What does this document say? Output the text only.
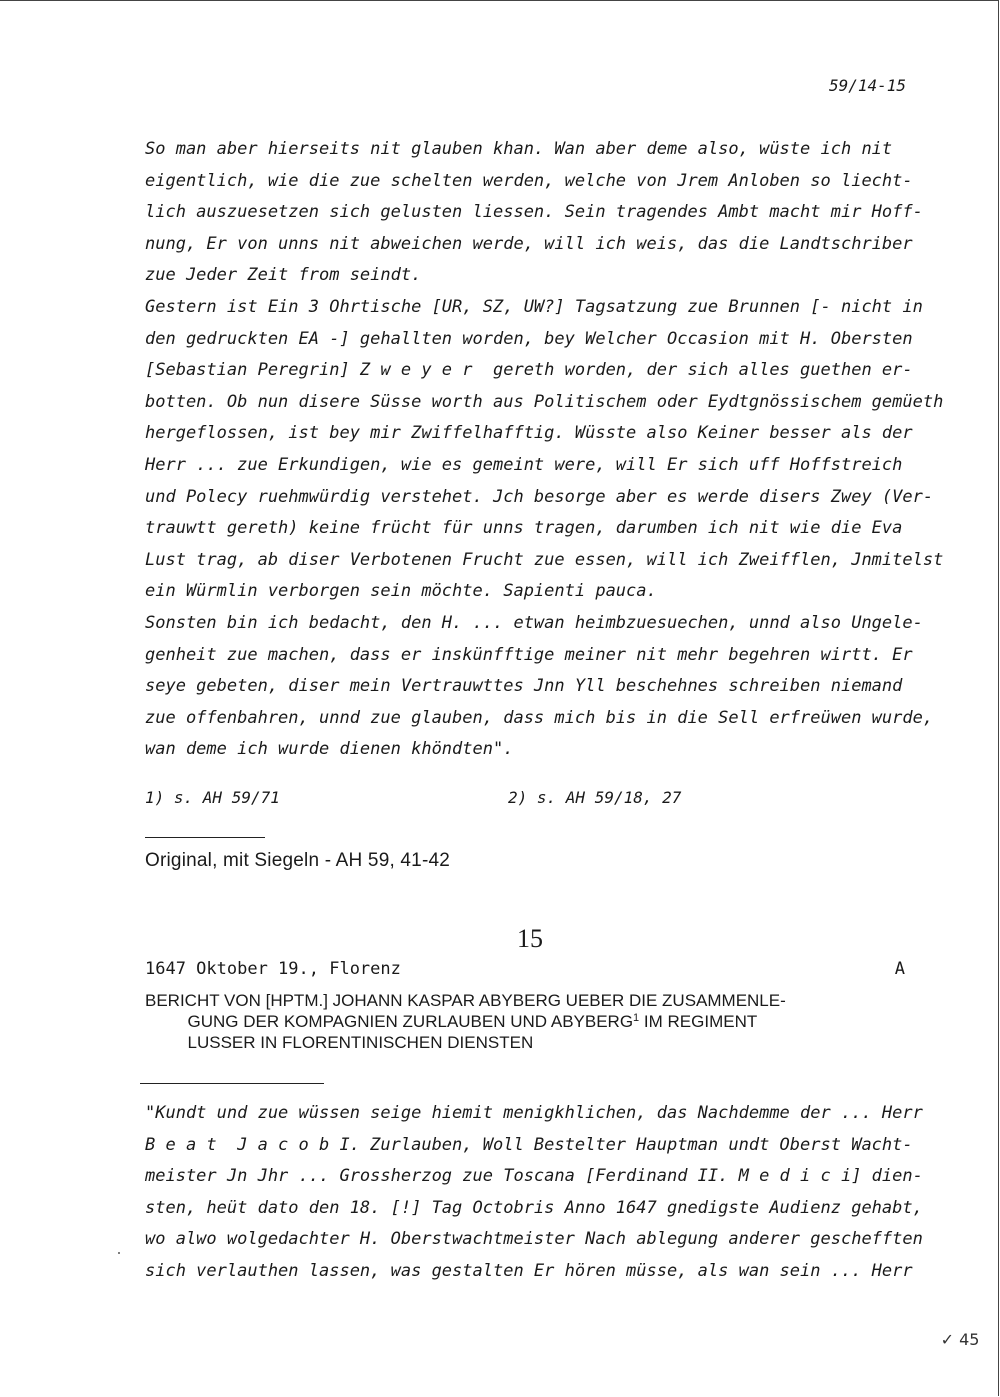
59/14-15
So man aber hierseits nit glauben khan. Wan aber deme also, wüste ich nit
eigentlich, wie die zue schelten werden, welche von Jrem Anloben so liecht-
lich auszuesetzen sich gelusten liessen. Sein tragendes Ambt macht mir Hoff-
nung, Er von unns nit abweichen werde, will ich weis, das die Landtschriber
zue Jeder Zeit from seindt.
Gestern ist Ein 3 Ohrtische [UR, SZ, UW?] Tagsatzung zue Brunnen [- nicht in
den gedruckten EA -] gehallten worden, bey Welcher Occasion mit H. Obersten
[Sebastian Peregrin] Z w e y e r  gereth worden, der sich alles guethen er-
botten. Ob nun disere Süsse worth aus Politischem oder Eydtgnössischem gemüeth
hergeflossen, ist bey mir Zwiffelhafftig. Wüsste also Keiner besser als der
Herr ... zue Erkundigen, wie es gemeint were, will Er sich uff Hoffstreich
und Polecy ruehmwürdig verstehet. Jch besorge aber es werde disers Zwey (Ver-
trauwtt gereth) keine frücht für unns tragen, darumben ich nit wie die Eva
Lust trag, ab diser Verbotenen Frucht zue essen, will ich Zweifflen, Jnmitelst
ein Würmlin verborgen sein möchte. Sapienti pauca.
Sonsten bin ich bedacht, den H. ... etwan heimbzuesuechen, unnd also Ungele-
genheit zue machen, dass er inskünfftige meiner nit mehr begehren wirtt. Er
seye gebeten, diser mein Vertrauwttes Jnn Yll beschehnes schreiben niemand
zue offenbahren, unnd zue glauben, dass mich bis in die Sell erfreüwen wurde,
wan deme ich wurde dienen khöndten".
1) s. AH 59/71	2) s. AH 59/18, 27
Original, mit Siegeln - AH 59, 41-42
15
1647 Oktober 19., Florenz	A
BERICHT VON [HPTM.] JOHANN KASPAR ABYBERG UEBER DIE ZUSAMMENLE-
GUNG DER KOMPAGNIEN ZURLAUBEN UND ABYBERG$^1$ IM REGIMENT
LUSSER IN FLORENTINISCHEN DIENSTEN
"Kundt und zue wüssen seige hiemit menigkhlichen, das Nachdemme der ... Herr
B e a t  J a c o b I. Zurlauben, Woll Bestelter Hauptman undt Oberst Wacht-
meister Jn Jhr ... Grossherzog zue Toscana [Ferdinand II. M e d i c i] dien-
sten, heüt dato den 18. [!] Tag Octobris Anno 1647 gnedigste Audienz gehabt,
wo alwo wolgedachter H. Oberstwachtmeister Nach ablegung anderer geschefften
sich verlauthen lassen, was gestalten Er hören müsse, als wan sein ... Herr
✓ 45
